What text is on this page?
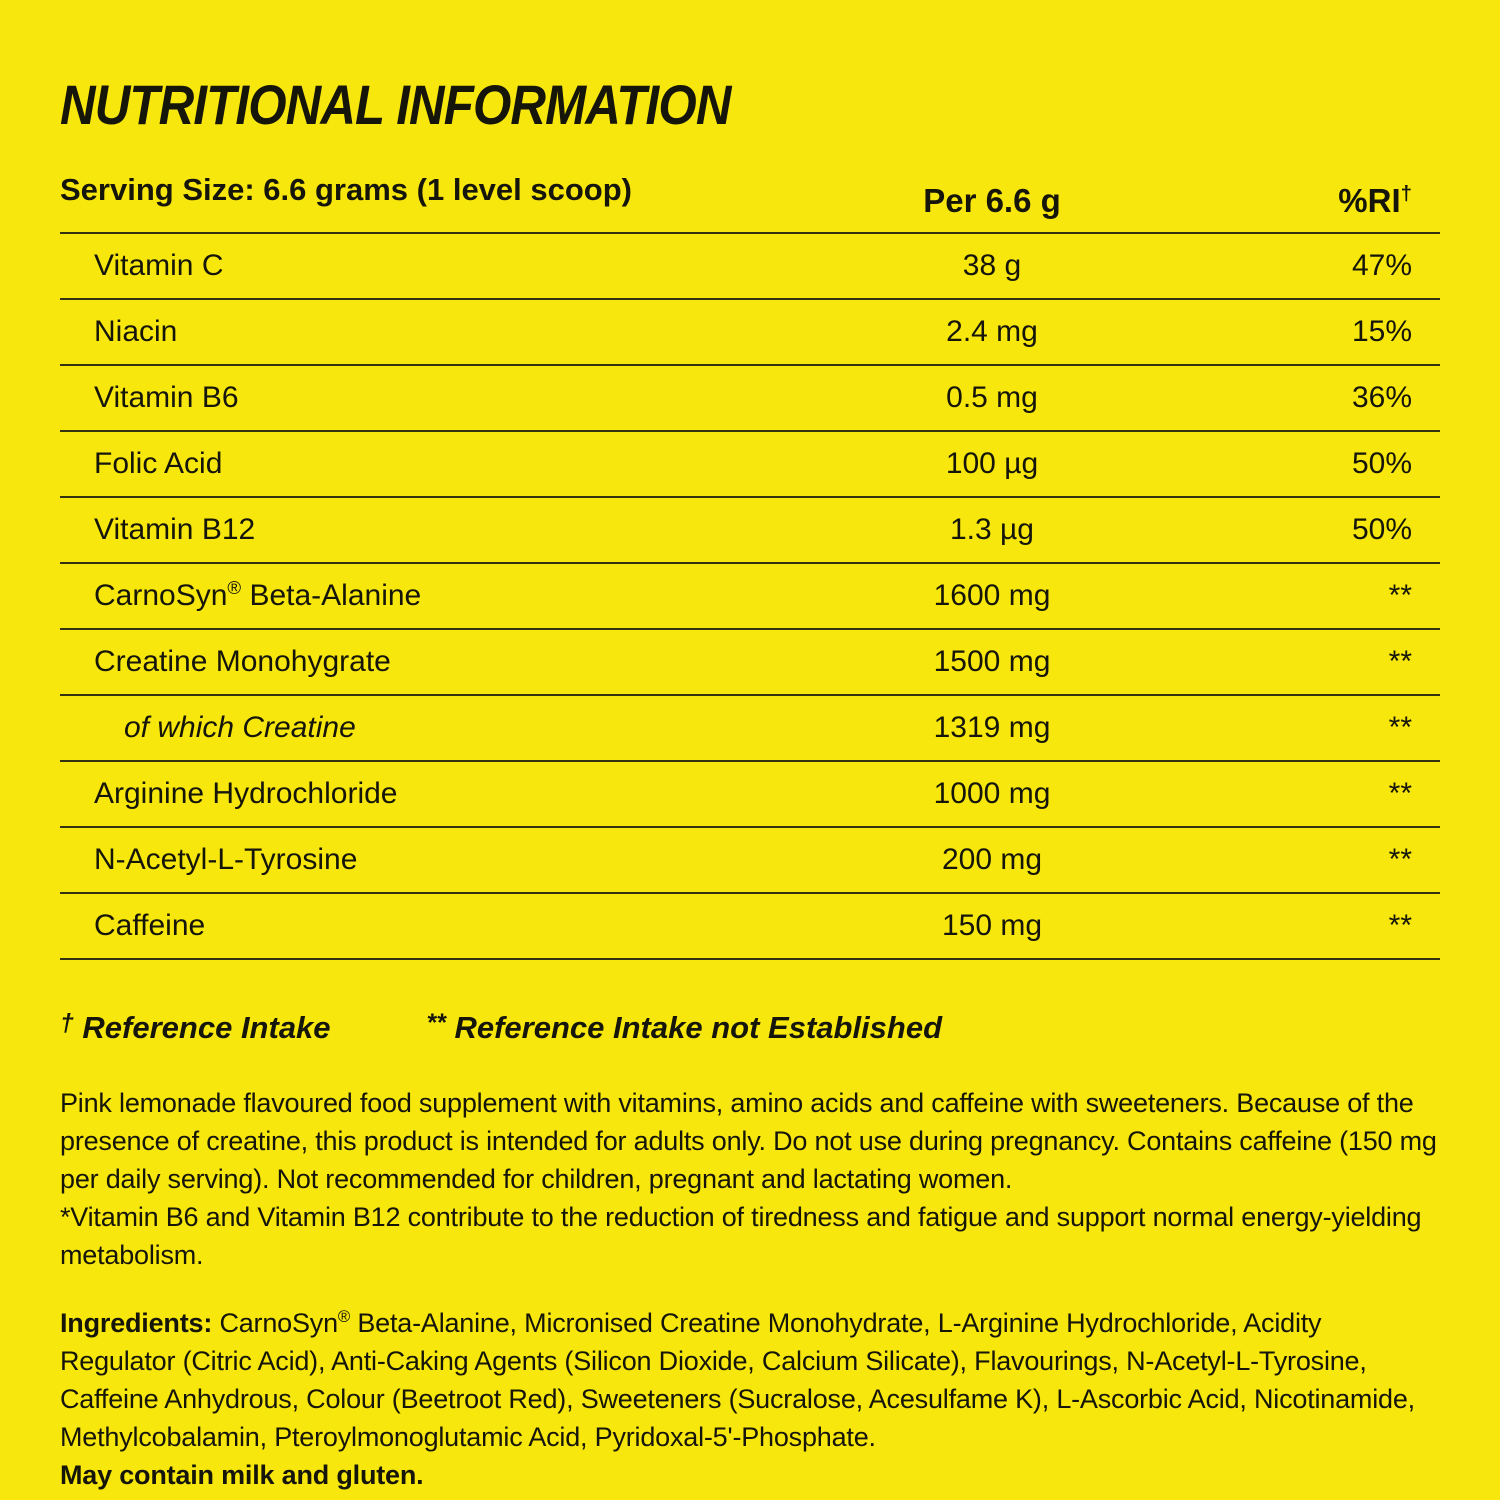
NUTRITIONAL INFORMATION
Serving Size: 6.6 grams (1 level scoop)	Per 6.6 g	%RI†
Vitamin C	38 g	47%
Niacin	2.4 mg	15%
Vitamin B6	0.5 mg	36%
Folic Acid	100 µg	50%
Vitamin B12	1.3 µg	50%
CarnoSyn® Beta-Alanine	1600 mg	**
Creatine Monohygrate	1500 mg	**
of which Creatine	1319 mg	**
Arginine Hydrochloride	1000 mg	**
N-Acetyl-L-Tyrosine	200 mg	**
Caffeine	150 mg	**
† Reference Intake	** Reference Intake not Established
Pink lemonade flavoured food supplement with vitamins, amino acids and caffeine with sweeteners. Because of the presence of creatine, this product is intended for adults only. Do not use during pregnancy. Contains caffeine (150 mg per daily serving). Not recommended for children, pregnant and lactating women.
*Vitamin B6 and Vitamin B12 contribute to the reduction of tiredness and fatigue and support normal energy-yielding metabolism.
Ingredients: CarnoSyn® Beta-Alanine, Micronised Creatine Monohydrate, L-Arginine Hydrochloride, Acidity Regulator (Citric Acid), Anti-Caking Agents (Silicon Dioxide, Calcium Silicate), Flavourings, N-Acetyl-L-Tyrosine, Caffeine Anhydrous, Colour (Beetroot Red), Sweeteners (Sucralose, Acesulfame K), L-Ascorbic Acid, Nicotinamide, Methylcobalamin, Pteroylmonoglutamic Acid, Pyridoxal-5'-Phosphate.
May contain milk and gluten.
